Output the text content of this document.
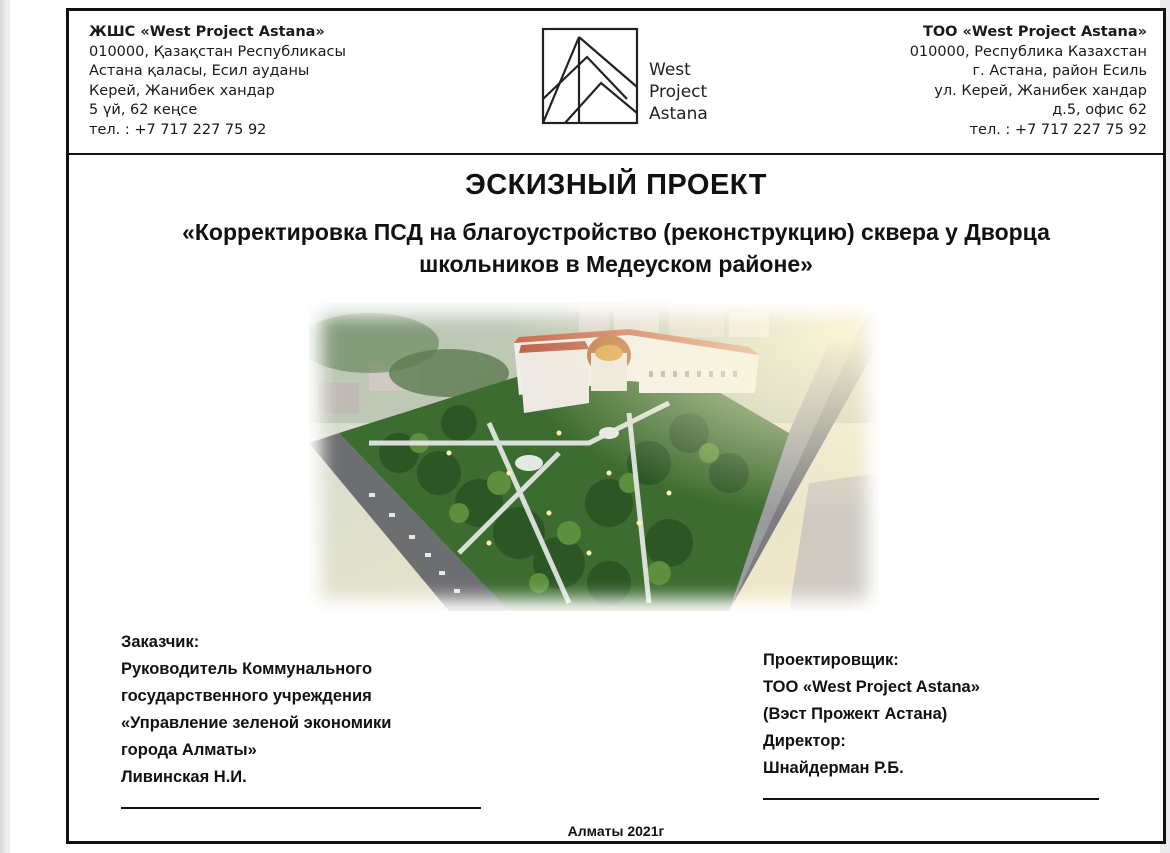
ЖШС «West Project Astana»
010000, Қазақстан Республикасы
Астана қаласы, Есил ауданы
Керей, Жанибек хандар
5 үй, 62 кеңсе
тел. : +7 717 227 75 92
West
Project
Astana
ТОО «West Project Astana»
010000, Республика Казахстан
г. Астана, район Есиль
ул. Керей, Жанибек хандар
д.5, офис 62
тел. : +7 717 227 75 92
ЭСКИЗНЫЙ ПРОЕКТ
«Корректировка ПСД на благоустройство (реконструкцию) сквера у Дворца
школьников в Медеуском районе»
Заказчик:
Руководитель Коммунального
государственного учреждения
«Управление зеленой экономики
города Алматы»
Ливинская Н.И.
Проектировщик:
ТОО «West Project Astana»
(Вэст Прожект Астана)
Директор:
Шнайдерман Р.Б.
Алматы 2021г
